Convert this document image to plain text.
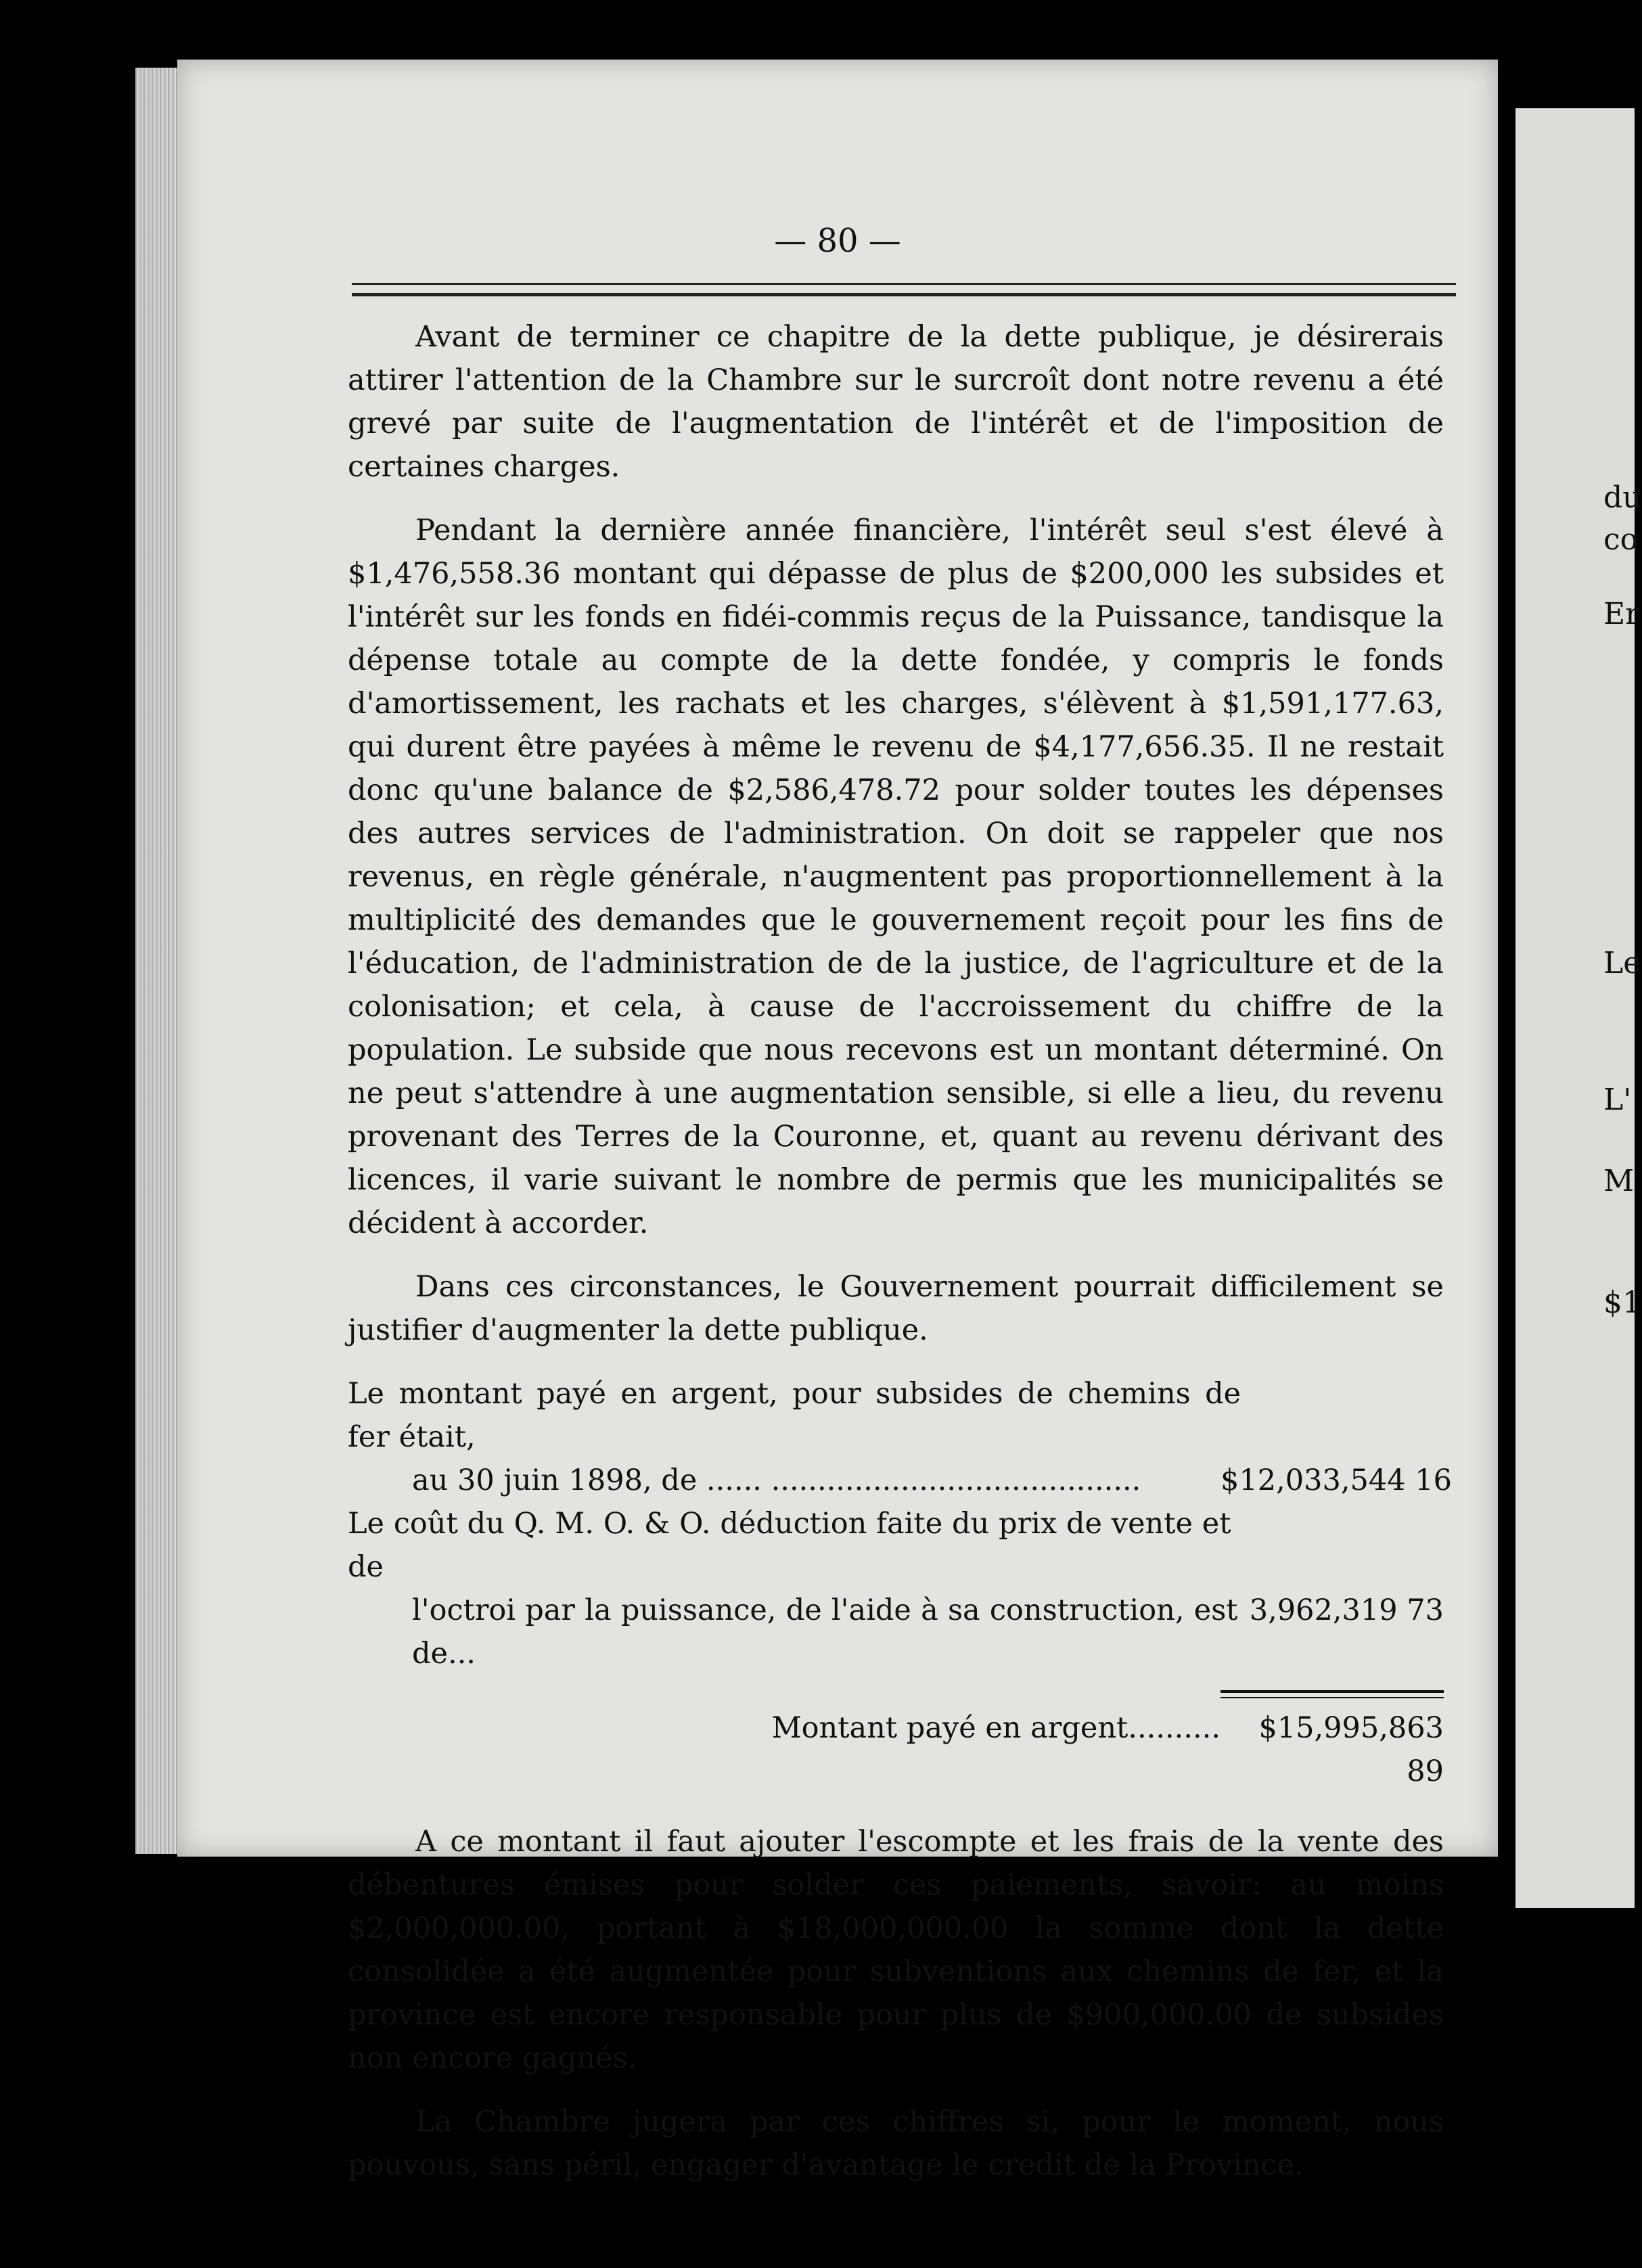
— 80 —

Avant de terminer ce chapitre de la dette publique, je désirerais attirer l'attention de la Chambre sur le surcroît dont notre revenu a été grevé par suite de l'augmentation de l'intérêt et de l'imposition de certaines charges.

Pendant la dernière année financière, l'intérêt seul s'est élevé à $1,476,558.36 montant qui dépasse de plus de $200,000 les subsides et l'intérêt sur les fonds en fidéi-commis reçus de la Puissance, tandisque la dépense totale au compte de la dette fondée, y compris le fonds d'amortissement, les rachats et les charges, s'élèvent à $1,591,177.63, qui durent être payées à même le revenu de $4,177,656.35. Il ne restait donc qu'une balance de $2,586,478.72 pour solder toutes les dépenses des autres services de l'administration. On doit se rappeler que nos revenus, en règle générale, n'augmentent pas proportionnellement à la multiplicité des demandes que le gouvernement reçoit pour les fins de l'éducation, de l'administration de de la justice, de l'agriculture et de la colonisation; et cela, à cause de l'accroissement du chiffre de la population. Le subside que nous recevons est un montant déterminé. On ne peut s'attendre à une augmentation sensible, si elle a lieu, du revenu provenant des Terres de la Couronne, et, quant au revenu dérivant des licences, il varie suivant le nombre de permis que les municipalités se décident à accorder.

Dans ces circonstances, le Gouvernement pourrait difficilement se justifier d'augmenter la dette publique.

Le montant payé en argent, pour subsides de chemins de fer était,
au 30 juin 1898, de ...... ........................................	$12,033,544 16
Le coût du Q. M. O. & O. déduction faite du prix de vente et de
l'octroi par la puissance, de l'aide à sa construction, est de...
3,962,319 73
Montant payé en argent..........	$15,995,863 89

A ce montant il faut ajouter l'escompte et les frais de la vente des débentures émises pour solder ces paiements, savoir: au moins $2,000,000.00, portant à $18,000,000.00 la somme dont la dette consolidée a été augmentée pour subventions aux chemins de fer, et la province est encore responsable pour plus de $900,000.00 de subsides non encore gagnés.

La Chambre jugera par ces chiffres si, pour le moment, nous pouvous, sans péril, engager d'avantage le credit de la Province.

du
co
Er
Le
L'
M
$1
